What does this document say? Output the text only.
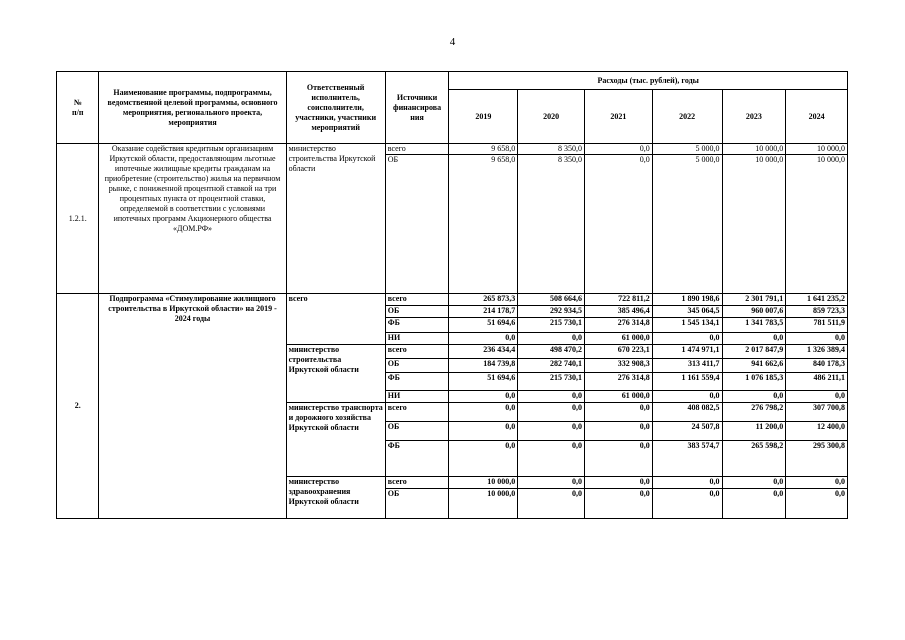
4
№
п/п	Наименование программы, подпрограммы, ведомственной целевой программы, основного мероприятия, регионального проекта, мероприятия	Ответственный исполнитель, соисполнители, участники, участники мероприятий	Источники финансирова ния	Расходы (тыс. рублей), годы					
				2019	2020	2021	2022	2023	2024
1.2.1.	Оказание содействия кредитным организациям Иркутской области, предоставляющим льготные ипотечные жилищные кредиты гражданам на приобретение (строительство) жилья на первичном рынке, с пониженной процентной ставкой на три процентных пункта от процентной ставки, определяемой в соответствии с условиями ипотечных программ Акционерного общества «ДОМ.РФ»	министерство строительства Иркутской области	всего	9 658,0	8 350,0	0,0	5 000,0	10 000,0	10 000,0
			ОБ	9 658,0	8 350,0	0,0	5 000,0	10 000,0	10 000,0
2.	Подпрограмма «Стимулирование жилищного строительства в Иркутской области» на 2019 - 2024 годы	всего	всего	265 873,3	508 664,6	722 811,2	1 890 198,6	2 301 791,1	1 641 235,2
			ОБ	214 178,7	292 934,5	385 496,4	345 064,5	960 007,6	859 723,3
			ФБ	51 694,6	215 730,1	276 314,8	1 545 134,1	1 341 783,5	781 511,9
			НИ	0,0	0,0	61 000,0	0,0	0,0	0,0
		министерство строительства Иркутской области	всего	236 434,4	498 470,2	670 223,1	1 474 971,1	2 017 847,9	1 326 389,4
			ОБ	184 739,8	282 740,1	332 908,3	313 411,7	941 662,6	840 178,3
			ФБ	51 694,6	215 730,1	276 314,8	1 161 559,4	1 076 185,3	486 211,1
			НИ	0,0	0,0	61 000,0	0,0	0,0	0,0
		министерство транспорта и дорожного хозяйства Иркутской области	всего	0,0	0,0	0,0	408 082,5	276 798,2	307 700,8
			ОБ	0,0	0,0	0,0	24 507,8	11 200,0	12 400,0
			ФБ	0,0	0,0	0,0	383 574,7	265 598,2	295 300,8
		министерство здравоохранения Иркутской области	всего	10 000,0	0,0	0,0	0,0	0,0	0,0
			ОБ	10 000,0	0,0	0,0	0,0	0,0	0,0
